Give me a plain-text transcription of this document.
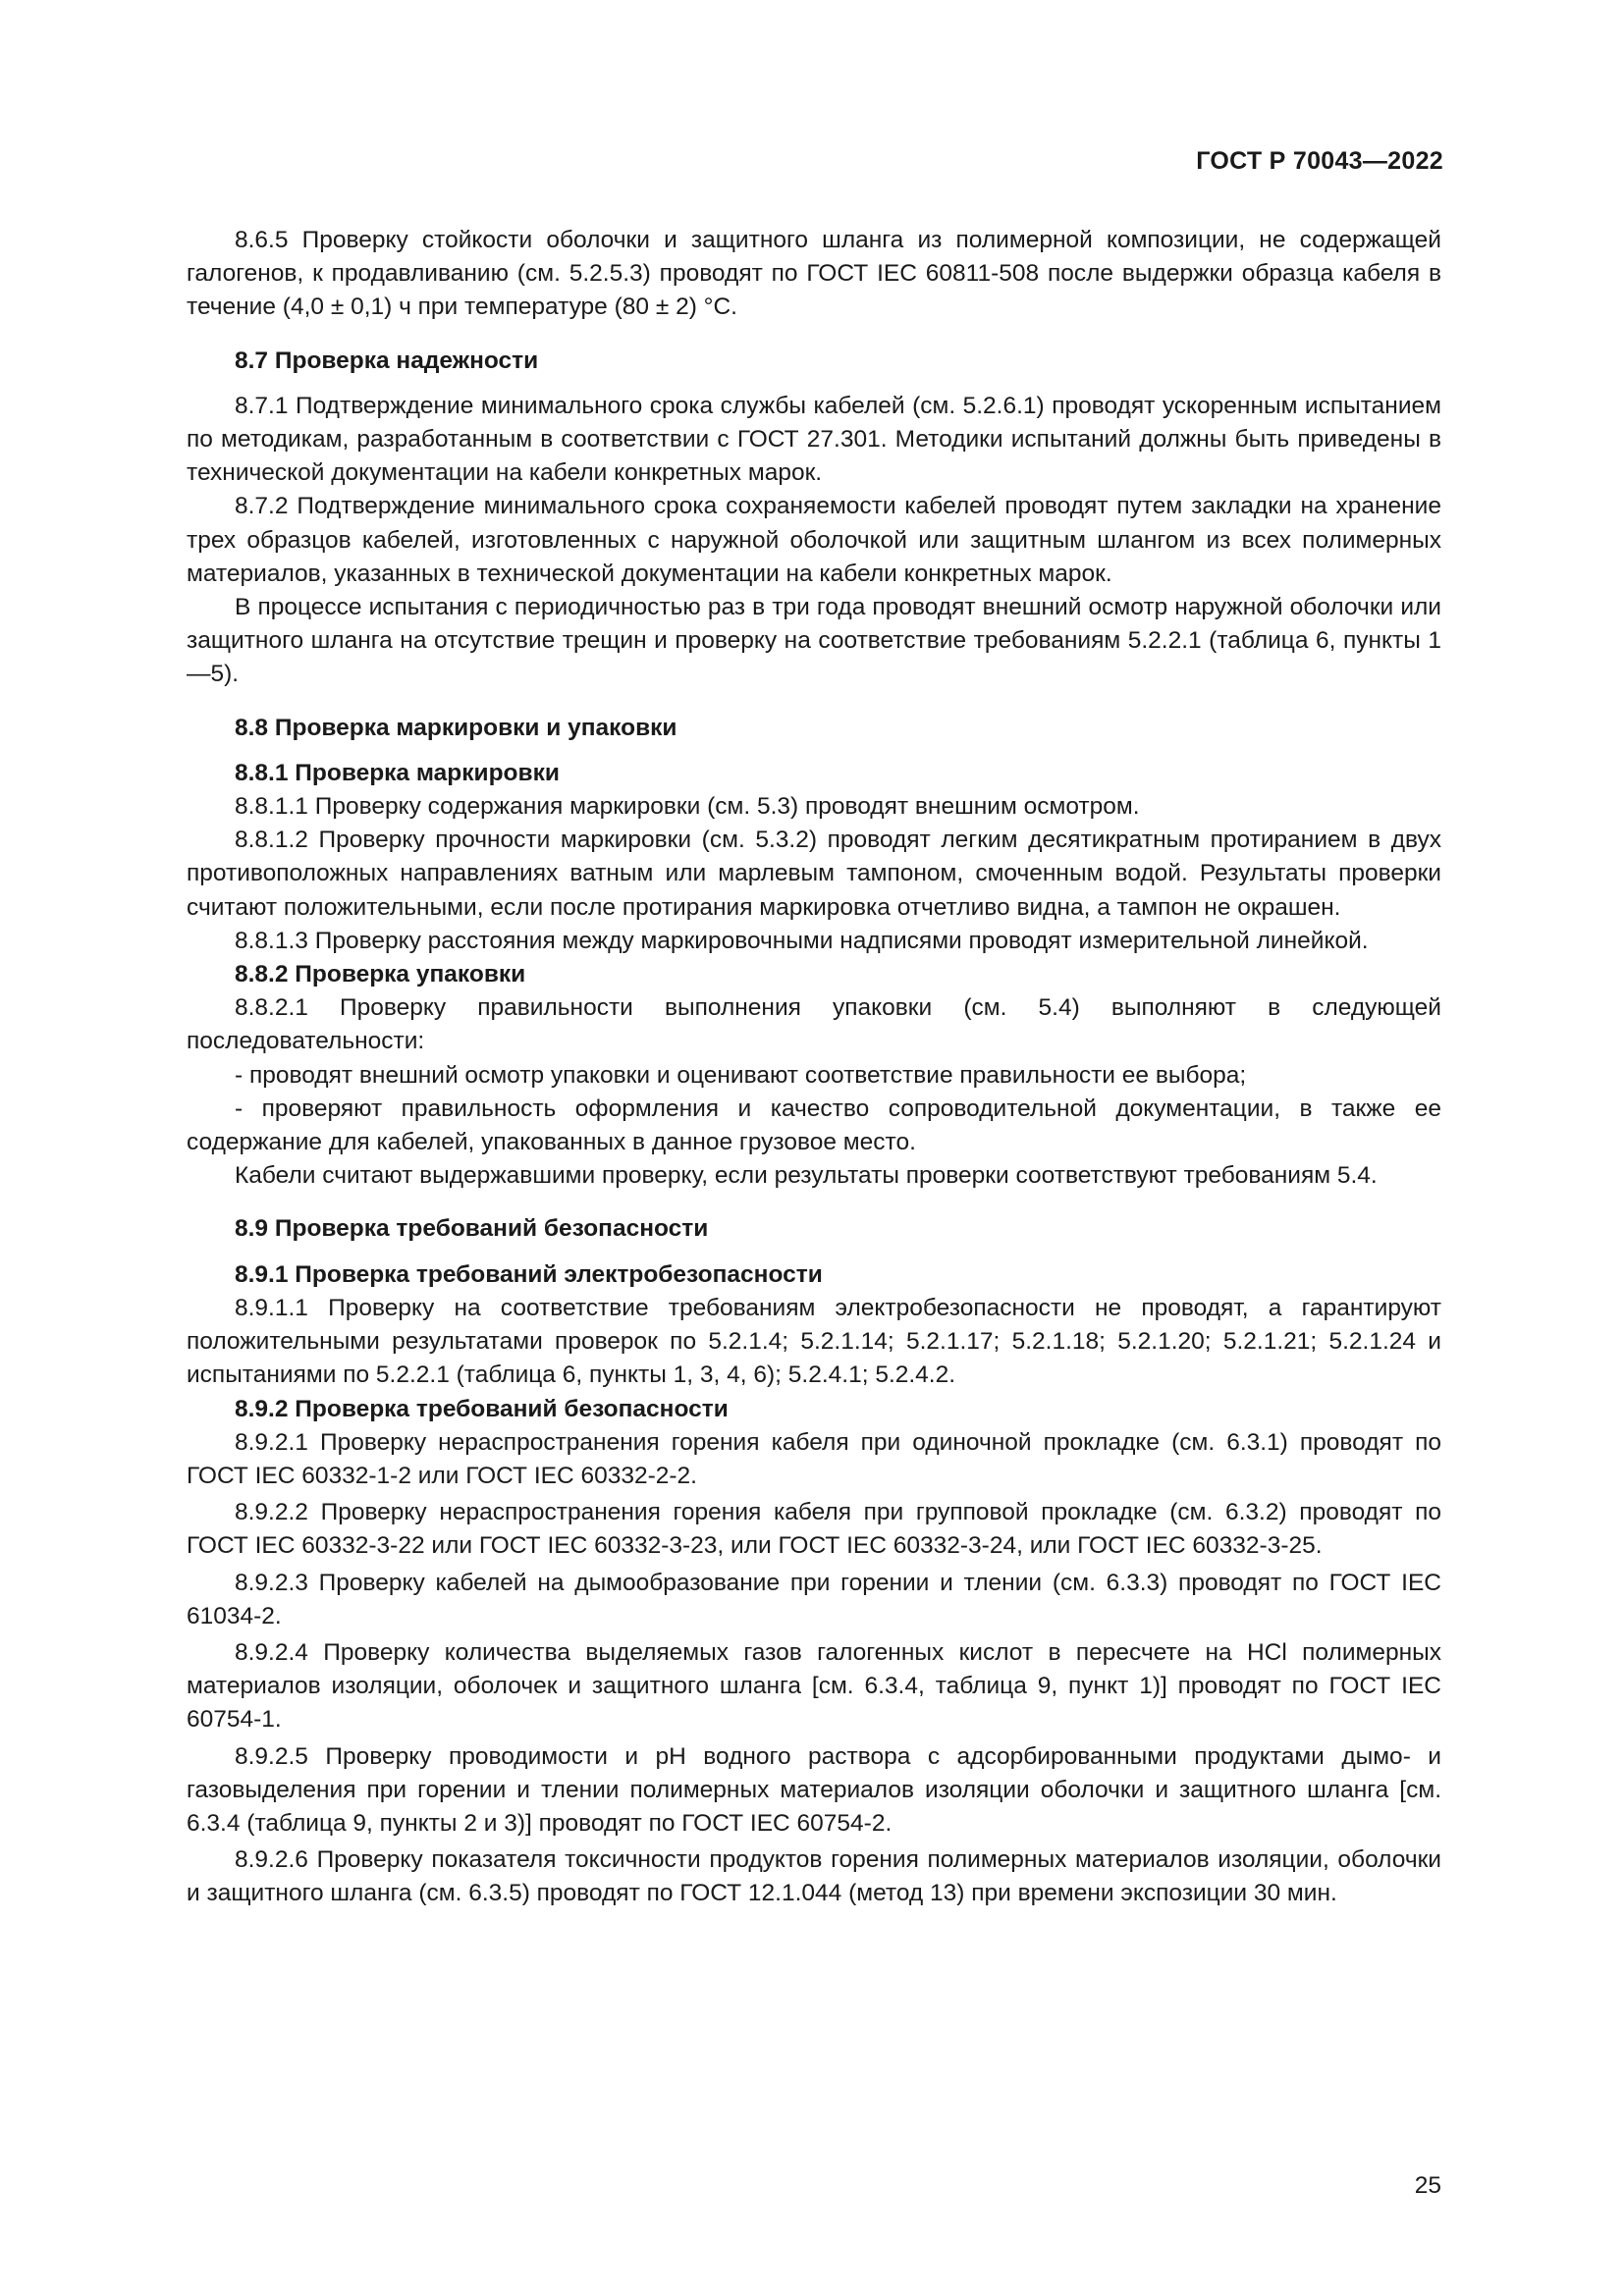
ГОСТ Р 70043—2022

8.6.5 Проверку стойкости оболочки и защитного шланга из полимерной композиции, не содержащей галогенов, к продавливанию (см. 5.2.5.3) проводят по ГОСТ IEC 60811-508 после выдержки образца кабеля в течение (4,0 ± 0,1) ч при температуре (80 ± 2) °С.

8.7 Проверка надежности

8.7.1 Подтверждение минимального срока службы кабелей (см. 5.2.6.1) проводят ускоренным испытанием по методикам, разработанным в соответствии с ГОСТ 27.301. Методики испытаний должны быть приведены в технической документации на кабели конкретных марок.

8.7.2 Подтверждение минимального срока сохраняемости кабелей проводят путем закладки на хранение трех образцов кабелей, изготовленных с наружной оболочкой или защитным шлангом из всех полимерных материалов, указанных в технической документации на кабели конкретных марок.

В процессе испытания с периодичностью раз в три года проводят внешний осмотр наружной оболочки или защитного шланга на отсутствие трещин и проверку на соответствие требованиям 5.2.2.1 (таблица 6, пункты 1—5).

8.8 Проверка маркировки и упаковки
8.8.1 Проверка маркировки

8.8.1.1 Проверку содержания маркировки (см. 5.3) проводят внешним осмотром.

8.8.1.2 Проверку прочности маркировки (см. 5.3.2) проводят легким десятикратным протиранием в двух противоположных направлениях ватным или марлевым тампоном, смоченным водой. Результаты проверки считают положительными, если после протирания маркировка отчетливо видна, а тампон не окрашен.

8.8.1.3 Проверку расстояния между маркировочными надписями проводят измерительной линейкой.

8.8.2 Проверка упаковки

8.8.2.1 Проверку правильности выполнения упаковки (см. 5.4) выполняют в следующей последовательности:

- проводят внешний осмотр упаковки и оценивают соответствие правильности ее выбора;

- проверяют правильность оформления и качество сопроводительной документации, в также ее содержание для кабелей, упакованных в данное грузовое место.

Кабели считают выдержавшими проверку, если результаты проверки соответствуют требованиям 5.4.

8.9 Проверка требований безопасности
8.9.1 Проверка требований электробезопасности

8.9.1.1 Проверку на соответствие требованиям электробезопасности не проводят, а гарантируют положительными результатами проверок по 5.2.1.4; 5.2.1.14; 5.2.1.17; 5.2.1.18; 5.2.1.20; 5.2.1.21; 5.2.1.24 и испытаниями по 5.2.2.1 (таблица 6, пункты 1, 3, 4, 6); 5.2.4.1; 5.2.4.2.

8.9.2 Проверка требований безопасности

8.9.2.1 Проверку нераспространения горения кабеля при одиночной прокладке (см. 6.3.1) проводят по ГОСТ IEC 60332-1-2 или ГОСТ IEC 60332-2-2.

8.9.2.2 Проверку нераспространения горения кабеля при групповой прокладке (см. 6.3.2) проводят по ГОСТ IEC 60332-3-22 или ГОСТ IEC 60332-3-23, или ГОСТ IEC 60332-3-24, или ГОСТ IEC 60332-3-25.

8.9.2.3 Проверку кабелей на дымообразование при горении и тлении (см. 6.3.3) проводят по ГОСТ IEC 61034-2.

8.9.2.4 Проверку количества выделяемых газов галогенных кислот в пересчете на HCl полимерных материалов изоляции, оболочек и защитного шланга [см. 6.3.4, таблица 9, пункт 1)] проводят по ГОСТ IEC 60754-1.

8.9.2.5 Проверку проводимости и pH водного раствора с адсорбированными продуктами дымо- и газовыделения при горении и тлении полимерных материалов изоляции оболочки и защитного шланга [см. 6.3.4 (таблица 9, пункты 2 и 3)] проводят по ГОСТ IEC 60754-2.

8.9.2.6 Проверку показателя токсичности продуктов горения полимерных материалов изоляции, оболочки и защитного шланга (см. 6.3.5) проводят по ГОСТ 12.1.044 (метод 13) при времени экспозиции 30 мин.

25
